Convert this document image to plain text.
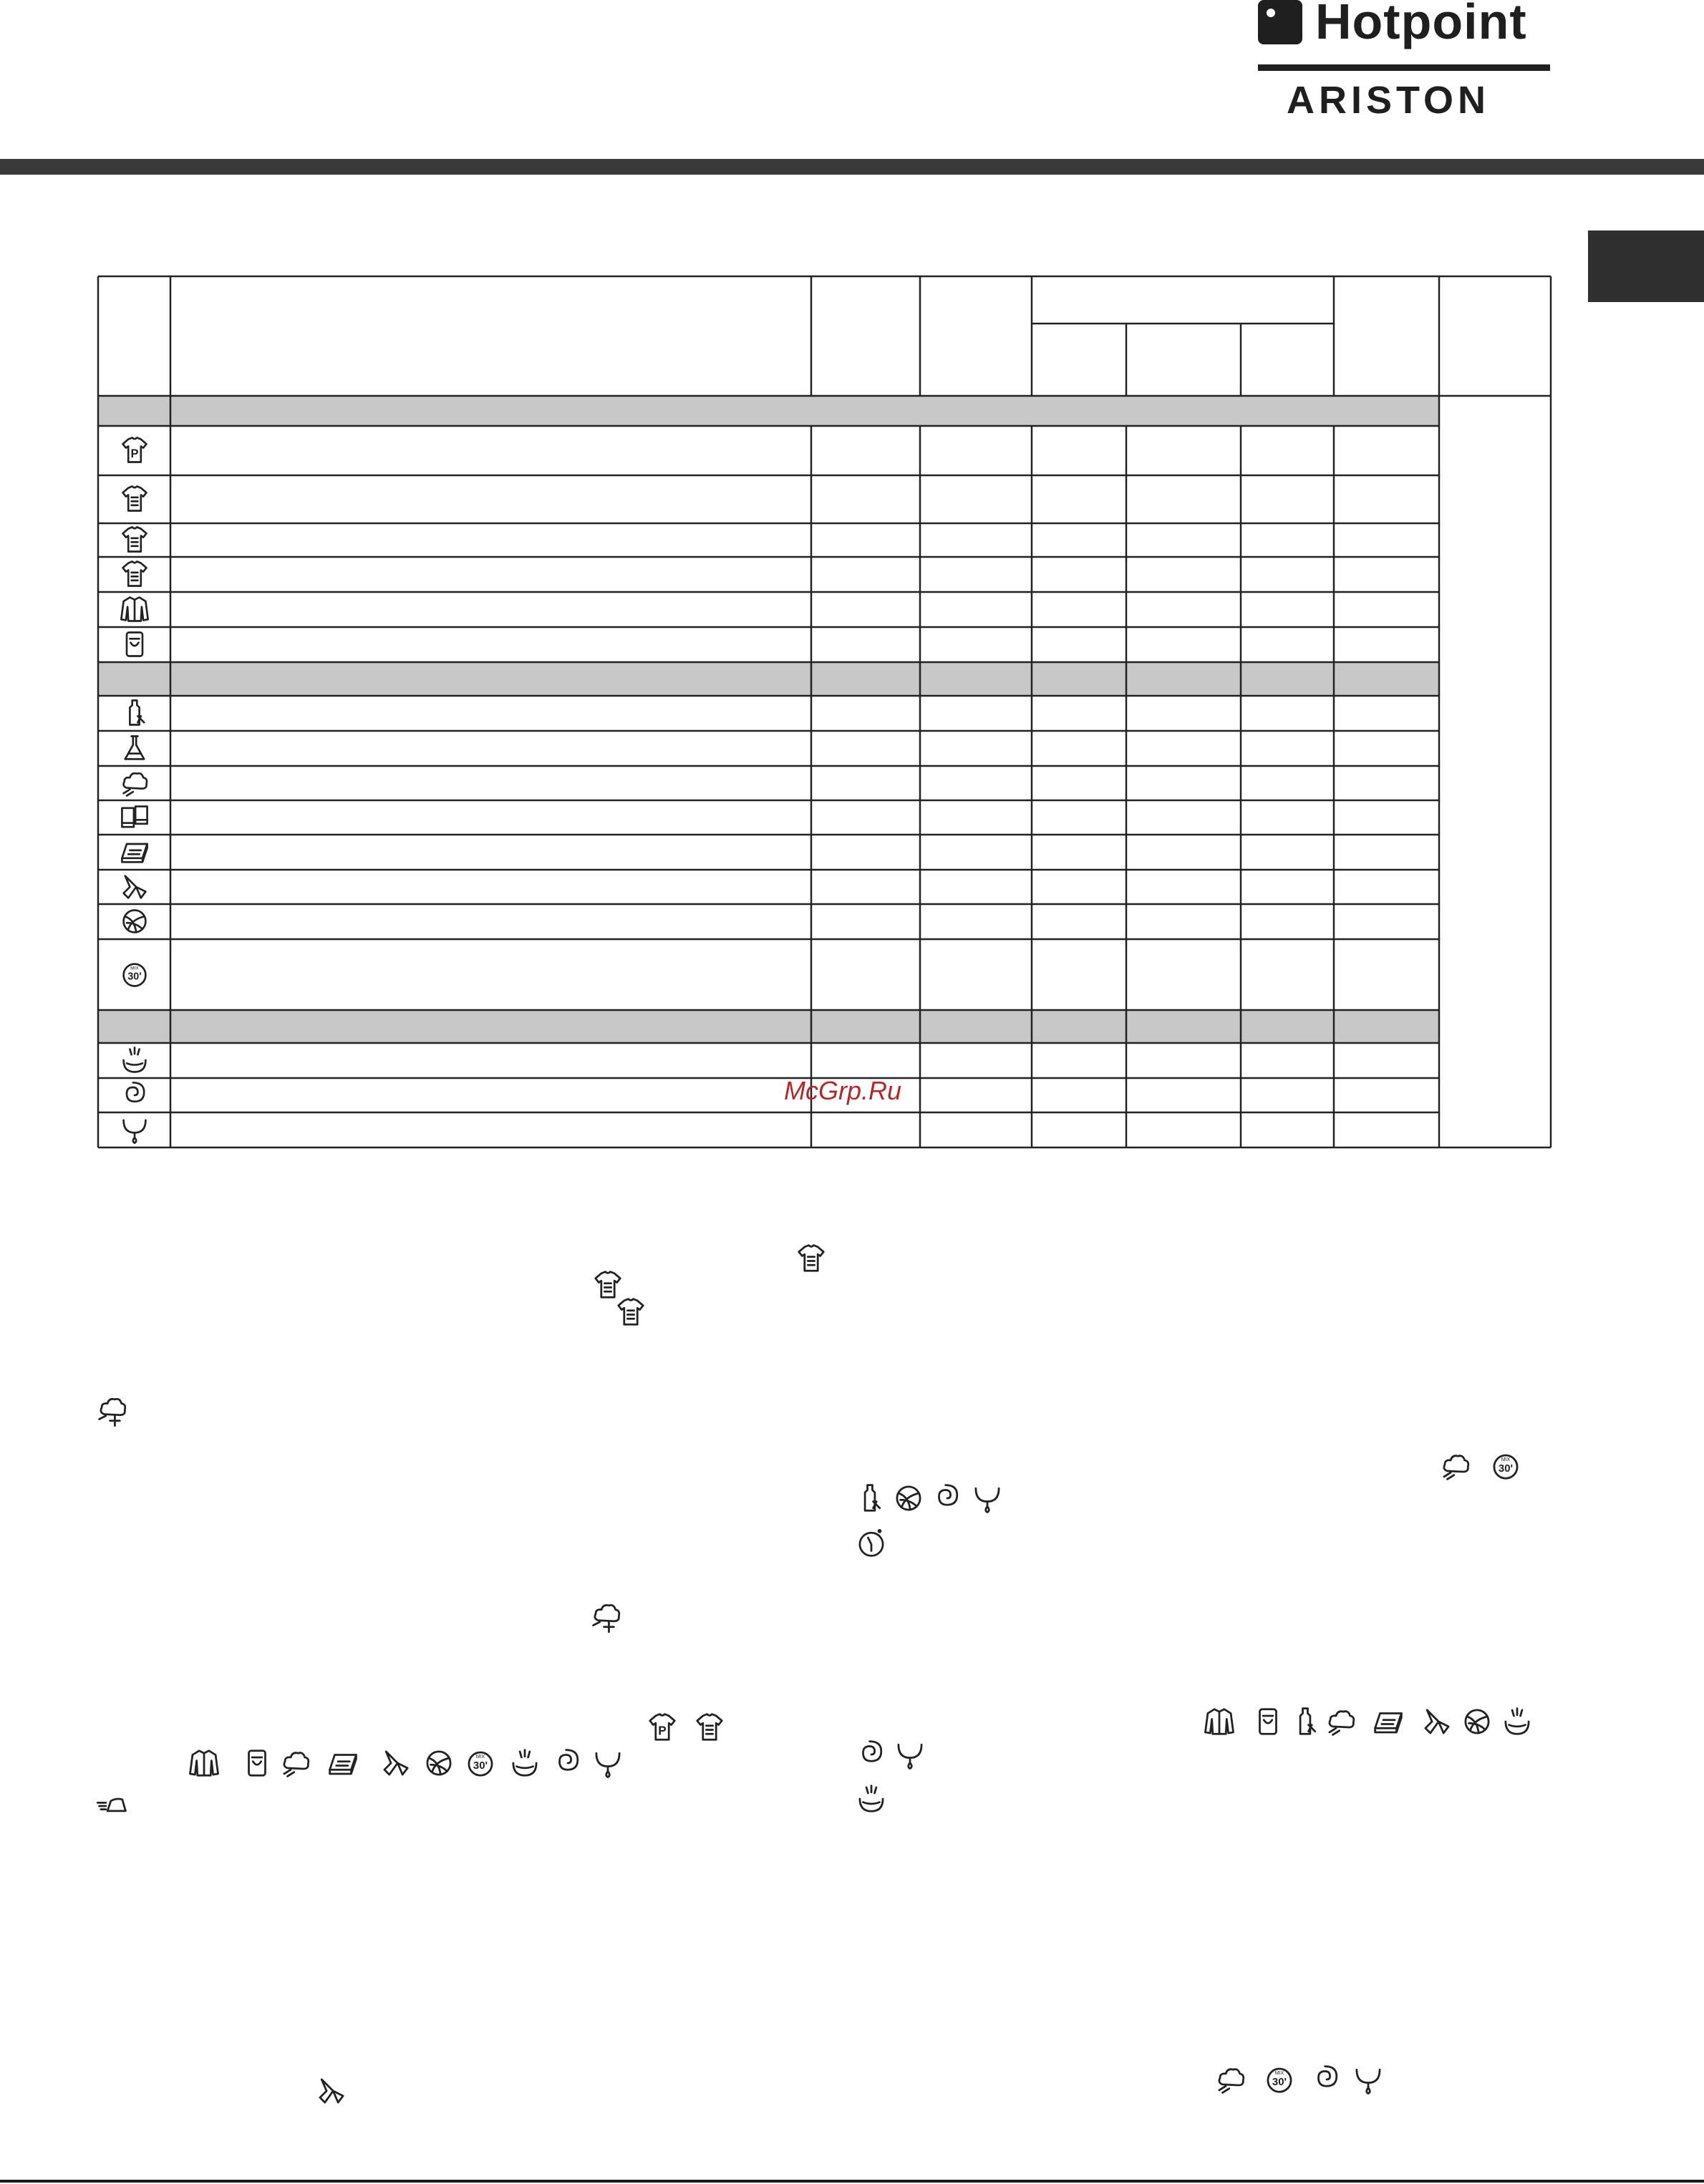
Hotpoint
ARISTON
P
30'
MIX
P
30'
MIX
30'
MIX
30'
MIX
McGrp.Ru
